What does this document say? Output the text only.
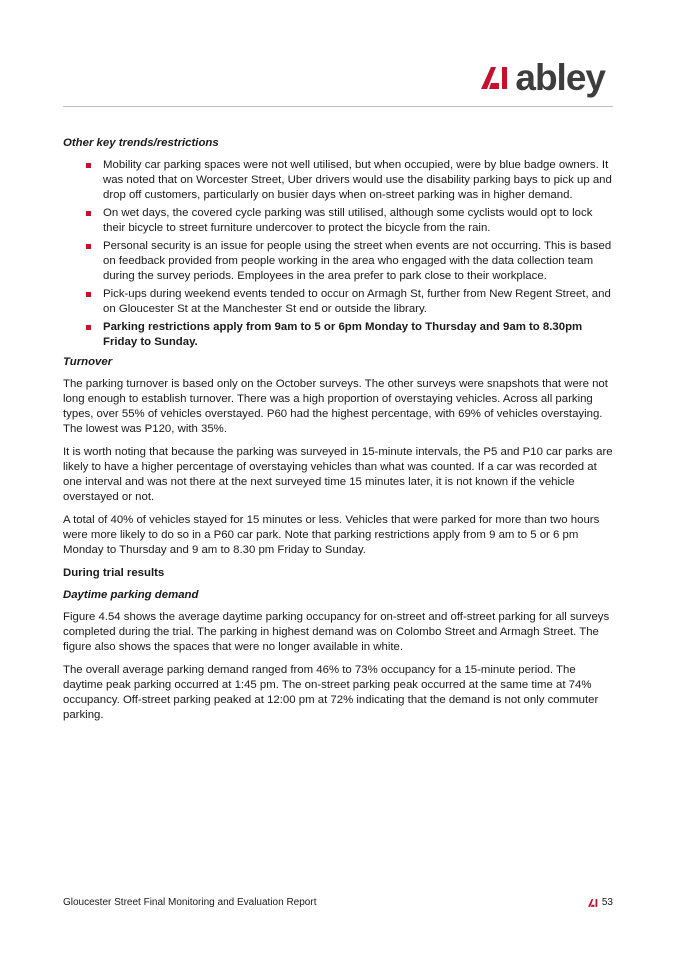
abley
Other key trends/restrictions
Mobility car parking spaces were not well utilised, but when occupied, were by blue badge owners. It was noted that on Worcester Street, Uber drivers would use the disability parking bays to pick up and drop off customers, particularly on busier days when on-street parking was in higher demand.
On wet days, the covered cycle parking was still utilised, although some cyclists would opt to lock their bicycle to street furniture undercover to protect the bicycle from the rain.
Personal security is an issue for people using the street when events are not occurring. This is based on feedback provided from people working in the area who engaged with the data collection team during the survey periods. Employees in the area prefer to park close to their workplace.
Pick-ups during weekend events tended to occur on Armagh St, further from New Regent Street, and on Gloucester St at the Manchester St end or outside the library.
Parking restrictions apply from 9am to 5 or 6pm Monday to Thursday and 9am to 8.30pm Friday to Sunday.
Turnover

The parking turnover is based only on the October surveys. The other surveys were snapshots that were not long enough to establish turnover. There was a high proportion of overstaying vehicles. Across all parking types, over 55% of vehicles overstayed. P60 had the highest percentage, with 69% of vehicles overstaying. The lowest was P120, with 35%.

It is worth noting that because the parking was surveyed in 15-minute intervals, the P5 and P10 car parks are likely to have a higher percentage of overstaying vehicles than what was counted. If a car was recorded at one interval and was not there at the next surveyed time 15 minutes later, it is not known if the vehicle overstayed or not.

A total of 40% of vehicles stayed for 15 minutes or less. Vehicles that were parked for more than two hours were more likely to do so in a P60 car park. Note that parking restrictions apply from 9 am to 5 or 6 pm Monday to Thursday and 9 am to 8.30 pm Friday to Sunday.

During trial results
Daytime parking demand

Figure 4.54 shows the average daytime parking occupancy for on-street and off-street parking for all surveys completed during the trial. The parking in highest demand was on Colombo Street and Armagh Street. The figure also shows the spaces that were no longer available in white.

The overall average parking demand ranged from 46% to 73% occupancy for a 15-minute period. The daytime peak parking occurred at 1:45 pm. The on-street parking peak occurred at the same time at 74% occupancy. Off-street parking peaked at 12:00 pm at 72% indicating that the demand is not only commuter parking.

Gloucester Street Final Monitoring and Evaluation Report	53
